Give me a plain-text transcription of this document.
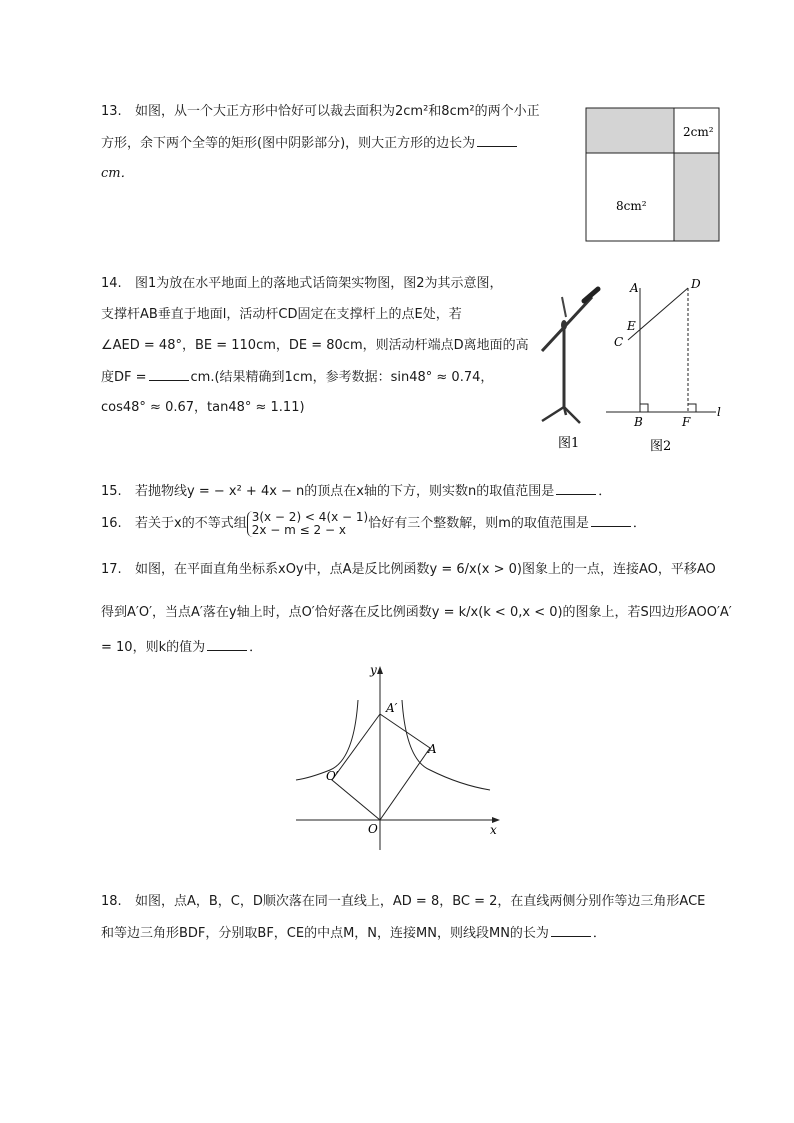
13. 如图，从一个大正方形中恰好可以裁去面积为2cm²和8cm²的两个小正
方形，余下两个全等的矩形(图中阴影部分)，则大正方形的边长为
cm．
2cm²
8cm²
14. 图1为放在水平地面上的落地式话筒架实物图，图2为其示意图，
支撑杆AB垂直于地面l，活动杆CD固定在支撑杆上的点E处，若
∠AED = 48°，BE = 110cm，DE = 80cm，则活动杆端点D离地面的高
度DF =	cm.(结果精确到1cm，参考数据：sin48° ≈ 0.74，
cos48° ≈ 0.67，tan48° ≈ 1.11)
图1
A	D
E
C
B	F
l
图2
15. 若抛物线y = − x² + 4x − n的顶点在x轴的下方，则实数n的取值范围是	．
16. 若关于x的不等式组 3(x − 2) < 4(x − 1)
2x − m ≤ 2 − x 恰好有三个整数解，则m的取值范围是	．
17. 如图，在平面直角坐标系xOy中，点A是反比例函数y = 6/x(x > 0)图象上的一点，连接AO，平移AO
得到A′O′，当点A′落在y轴上时，点O′恰好落在反比例函数y = k/x(k < 0,x < 0)的图象上，若S四边形AOO′A′
= 10，则k的值为	．
y
x
O
A
A′
O′
18. 如图，点A，B，C，D顺次落在同一直线上，AD = 8，BC = 2，在直线两侧分别作等边三角形ACE
和等边三角形BDF，分别取BF，CE的中点M，N，连接MN，则线段MN的长为	．
